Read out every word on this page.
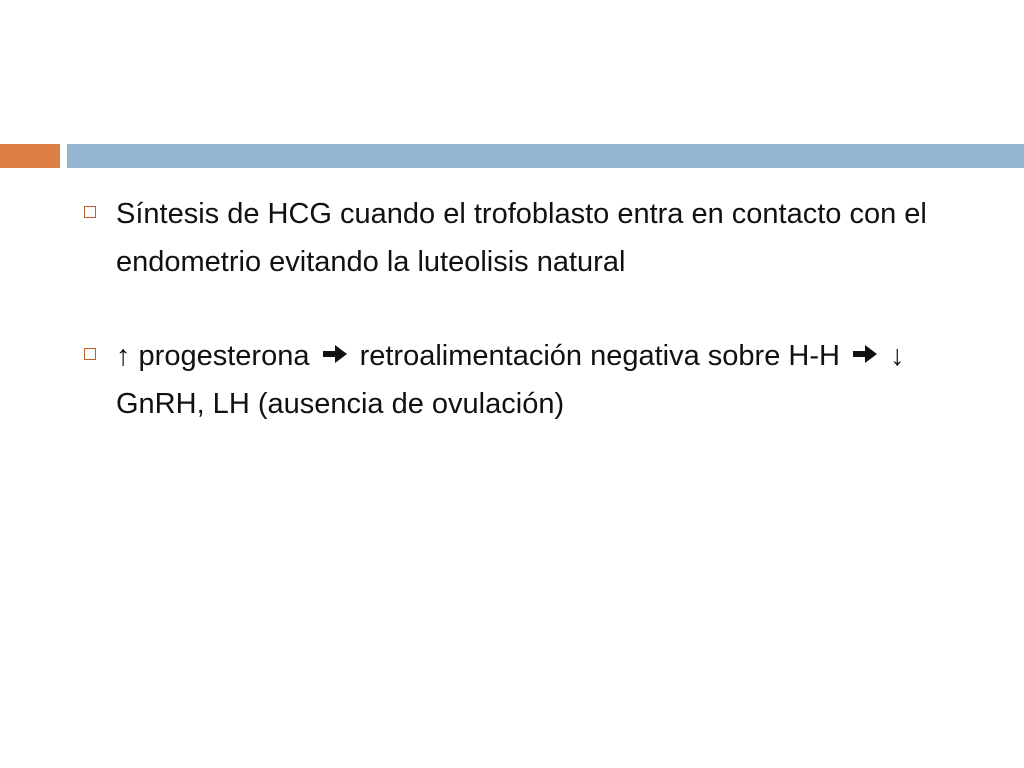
Síntesis de HCG cuando el trofoblasto entra en contacto con el endometrio evitando la luteolisis natural
↑ progesterona retroalimentación negativa sobre H-H ↓ GnRH, LH (ausencia de ovulación)
